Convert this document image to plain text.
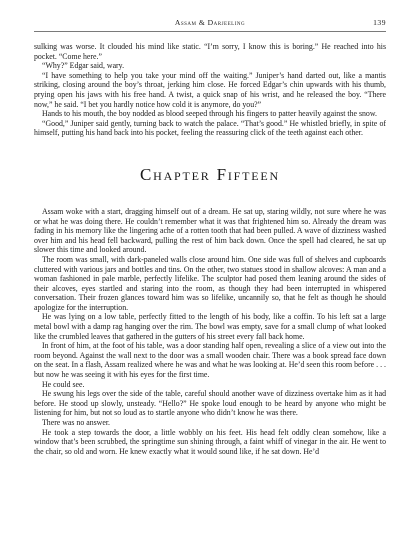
Assam & Darjeeling	139

sulking was worse. It clouded his mind like static. “I’m sorry, I know this is boring.” He reached into his pocket. “Come here.”

“Why?” Edgar said, wary.

“I have something to help you take your mind off the waiting.” Juniper’s hand darted out, like a mantis striking, closing around the boy’s throat, jerking him close. He forced Edgar’s chin upwards with his thumb, prying open his jaws with his free hand. A twist, a quick snap of his wrist, and he released the boy. “There now,” he said. “I bet you hardly notice how cold it is anymore, do you?”

Hands to his mouth, the boy nodded as blood seeped through his fingers to patter heavily against the snow.

“Good,” Juniper said gently, turning back to watch the palace. “That’s good.” He whistled briefly, in spite of himself, putting his hand back into his pocket, feeling the reassuring click of the teeth against each other.

Chapter Fifteen

Assam woke with a start, dragging himself out of a dream. He sat up, staring wildly, not sure where he was or what he was doing there. He couldn’t remember what it was that frightened him so. Already the dream was fading in his memory like the lingering ache of a rotten tooth that had been pulled. A wave of dizziness washed over him and his head fell backward, pulling the rest of him back down. Once the spell had cleared, he sat up slower this time and looked around.

The room was small, with dark-paneled walls close around him. One side was full of shelves and cupboards cluttered with various jars and bottles and tins. On the other, two statues stood in shallow alcoves: A man and a woman fashioned in pale marble, perfectly lifelike. The sculptor had posed them leaning around the sides of their alcoves, eyes startled and staring into the room, as though they had been interrupted in whispered conversation. Their frozen glances toward him was so lifelike, uncannily so, that he felt as though he should apologize for the interruption.

He was lying on a low table, perfectly fitted to the length of his body, like a coffin. To his left sat a large metal bowl with a damp rag hanging over the rim. The bowl was empty, save for a small clump of what looked like the crumbled leaves that gathered in the gutters of his street every fall back home.

In front of him, at the foot of his table, was a door standing half open, revealing a slice of a view out into the room beyond. Against the wall next to the door was a small wooden chair. There was a book spread face down on the seat. In a flash, Assam realized where he was and what he was looking at. He’d seen this room before . . . but now he was seeing it with his eyes for the first time.

He could see.

He swung his legs over the side of the table, careful should another wave of dizziness overtake him as it had before. He stood up slowly, unsteady. “Hello?” He spoke loud enough to be heard by anyone who might be listening for him, but not so loud as to startle anyone who didn’t know he was there.

There was no answer.

He took a step towards the door, a little wobbly on his feet. His head felt oddly clean somehow, like a window that’s been scrubbed, the springtime sun shining through, a faint whiff of vinegar in the air. He went to the chair, so old and worn. He knew exactly what it would sound like, if he sat down. He’d
